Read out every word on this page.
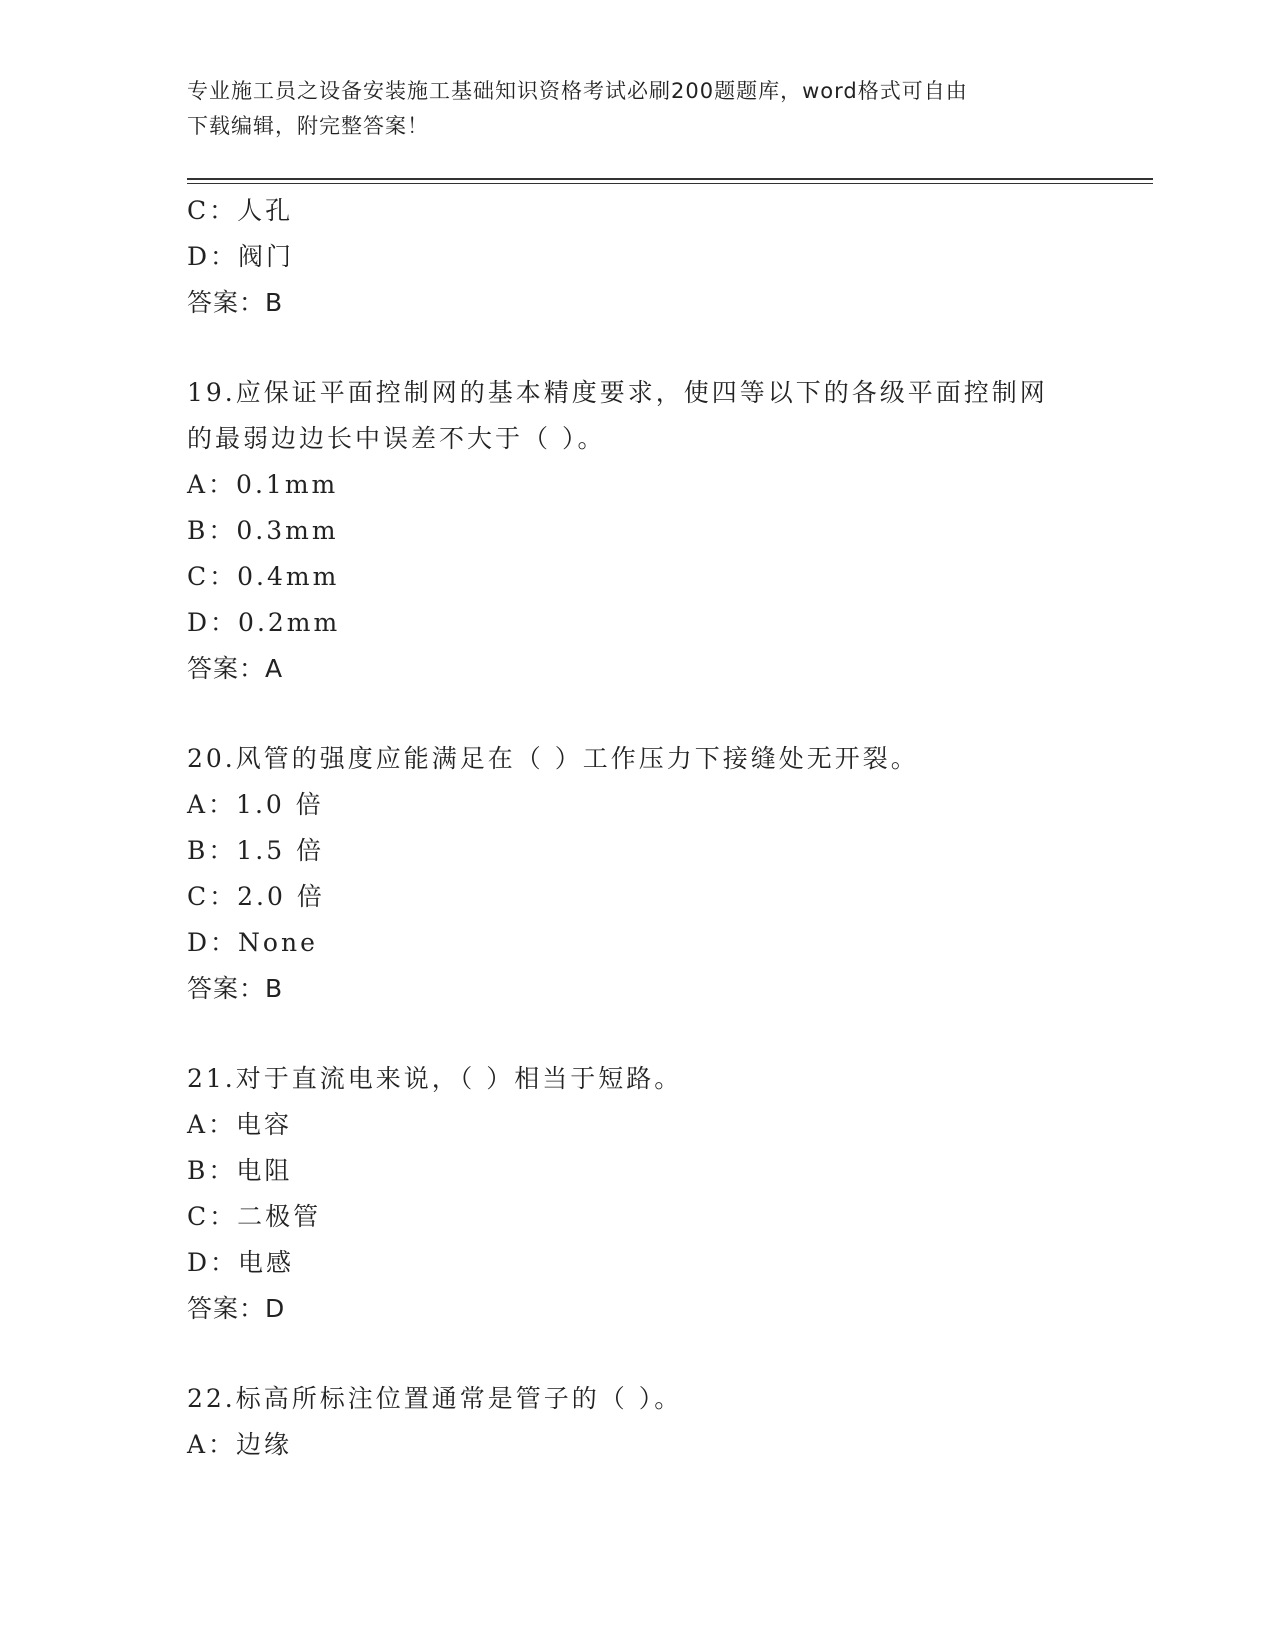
专业施工员之设备安装施工基础知识资格考试必刷200题题库，word格式可自由
下载编辑，附完整答案！
C：人孔
D：阀门
答案：B
19.应保证平面控制网的基本精度要求，使四等以下的各级平面控制网
的最弱边边长中误差不大于（ ）。
A：0.1mm
B：0.3mm
C：0.4mm
D：0.2mm
答案：A
20.风管的强度应能满足在（ ）工作压力下接缝处无开裂。
A：1.0 倍
B：1.5 倍
C：2.0 倍
D：None
答案：B
21.对于直流电来说，（ ）相当于短路。
A：电容
B：电阻
C：二极管
D：电感
答案：D
22.标高所标注位置通常是管子的（ ）。
A：边缘
